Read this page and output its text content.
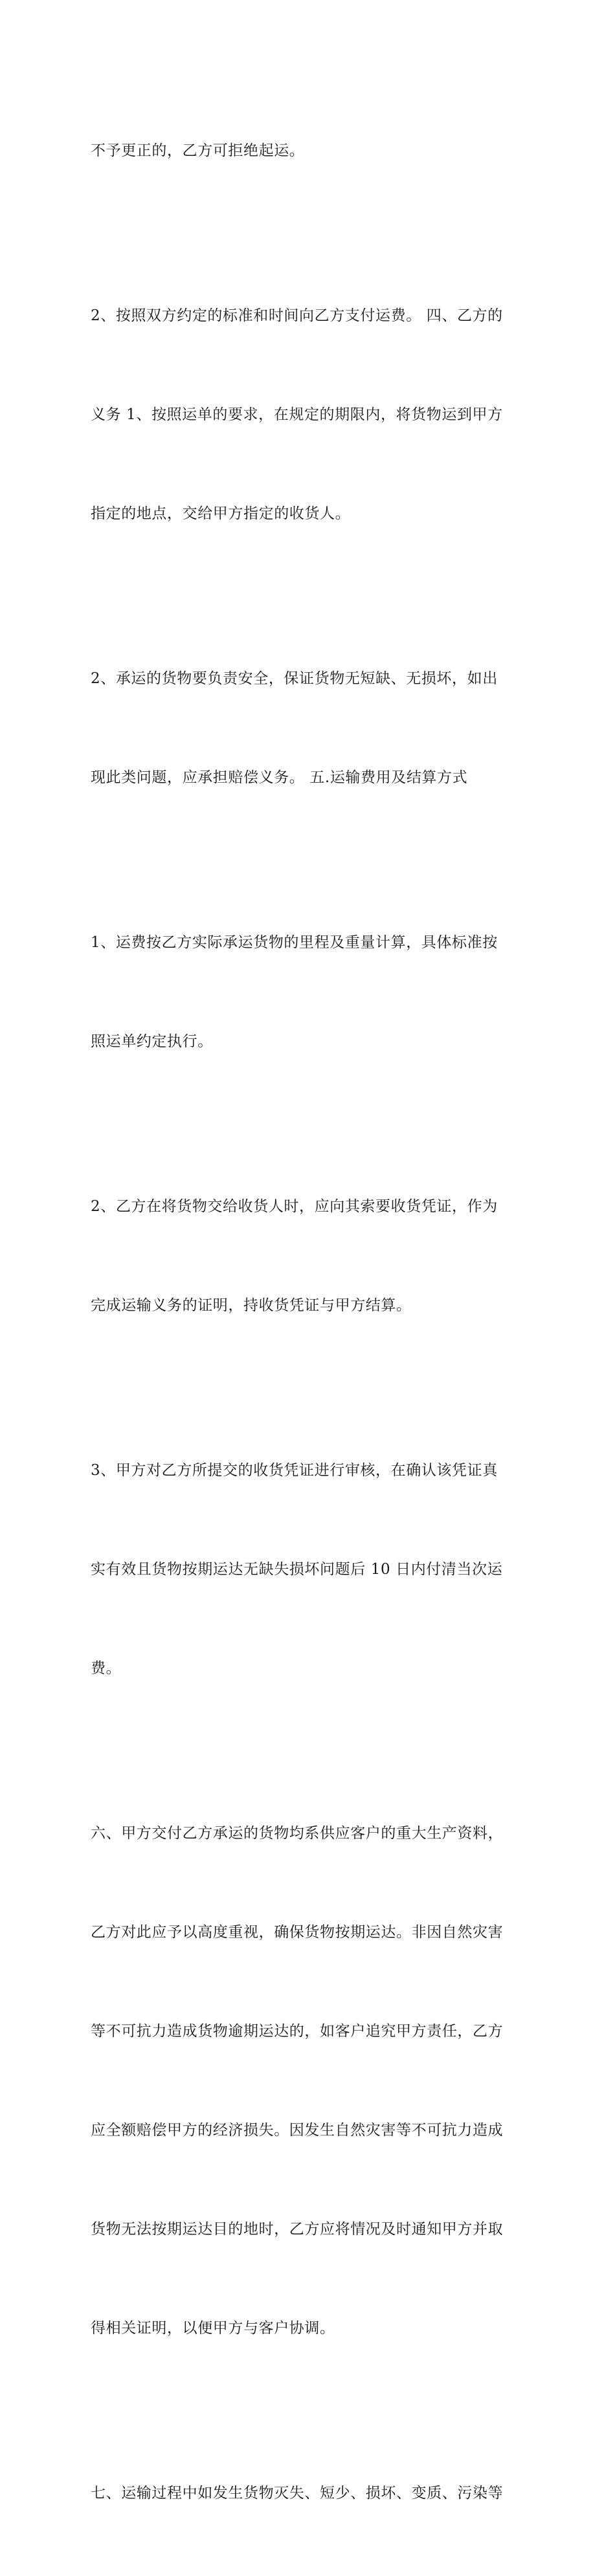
不予更正的，乙方可拒绝起运。

2、按照双方约定的标准和时间向乙方支付运费。 四、乙方的

义务 1、按照运单的要求，在规定的期限内，将货物运到甲方

指定的地点，交给甲方指定的收货人。

2、承运的货物要负责安全，保证货物无短缺、无损坏，如出

现此类问题，应承担赔偿义务。 五.运输费用及结算方式

1、运费按乙方实际承运货物的里程及重量计算，具体标准按

照运单约定执行。

2、乙方在将货物交给收货人时，应向其索要收货凭证，作为

完成运输义务的证明，持收货凭证与甲方结算。

3、甲方对乙方所提交的收货凭证进行审核，在确认该凭证真

实有效且货物按期运达无缺失损坏问题后 10 日内付清当次运

费。

六、甲方交付乙方承运的货物均系供应客户的重大生产资料，

乙方对此应予以高度重视，确保货物按期运达。非因自然灾害

等不可抗力造成货物逾期运达的，如客户追究甲方责任，乙方

应全额赔偿甲方的经济损失。因发生自然灾害等不可抗力造成

货物无法按期运达目的地时，乙方应将情况及时通知甲方并取

得相关证明，以便甲方与客户协调。

七、运输过程中如发生货物灭失、短少、损坏、变质、污染等
